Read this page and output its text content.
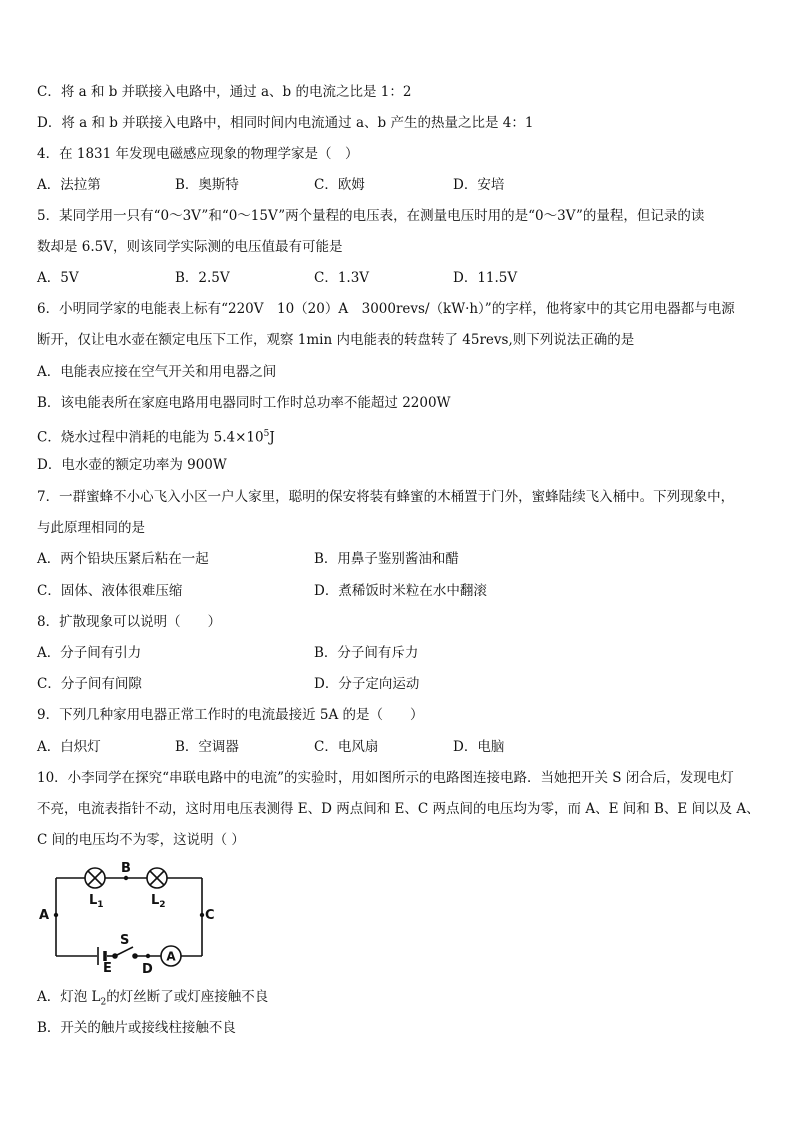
C．将 a 和 b 并联接入电路中，通过 a、b 的电流之比是 1：2
D．将 a 和 b 并联接入电路中，相同时间内电流通过 a、b 产生的热量之比是 4：1
4．在 1831 年发现电磁感应现象的物理学家是（　）
A．法拉第	B．奥斯特	C．欧姆	D．安培
5．某同学用一只有“0～3V”和“0～15V”两个量程的电压表，在测量电压时用的是“0～3V”的量程，但记录的读
数却是 6.5V，则该同学实际测的电压值最有可能是
A．5V	B．2.5V	C．1.3V	D．11.5V
6．小明同学家的电能表上标有“220V　10（20）A　3000revs/（kW·h）”的字样，他将家中的其它用电器都与电源
断开，仅让电水壶在额定电压下工作，观察 1min 内电能表的转盘转了 45revs,则下列说法正确的是
A．电能表应接在空气开关和用电器之间
B．该电能表所在家庭电路用电器同时工作时总功率不能超过 2200W
C．烧水过程中消耗的电能为 $5.4\times 10^5J$
D．电水壶的额定功率为 900W
7．一群蜜蜂不小心飞入小区一户人家里，聪明的保安将装有蜂蜜的木桶置于门外，蜜蜂陆续飞入桶中。下列现象中，
与此原理相同的是
A．两个铅块压紧后粘在一起	B．用鼻子鉴别酱油和醋
C．固体、液体很难压缩	D．煮稀饭时米粒在水中翻滚
8．扩散现象可以说明（　　）
A．分子间有引力	B．分子间有斥力
C．分子间有间隙	D．分子定向运动
9．下列几种家用电器正常工作时的电流最接近 5A 的是（　　）
A．白炽灯	B．空调器	C．电风扇	D．电脑
10．小李同学在探究“串联电路中的电流”的实验时，用如图所示的电路图连接电路．当她把开关 S 闭合后，发现电灯
不亮，电流表指针不动，这时用电压表测得 E、D 两点间和 E、C 两点间的电压均为零，而 A、E 间和 B、E 间以及 A、
C 间的电压均不为零，这说明（ ）
A
A
B
C
D
E
S
$L_1$	$L_2$
A．灯泡 $L_2$的灯丝断了或灯座接触不良
B．开关的触片或接线柱接触不良
